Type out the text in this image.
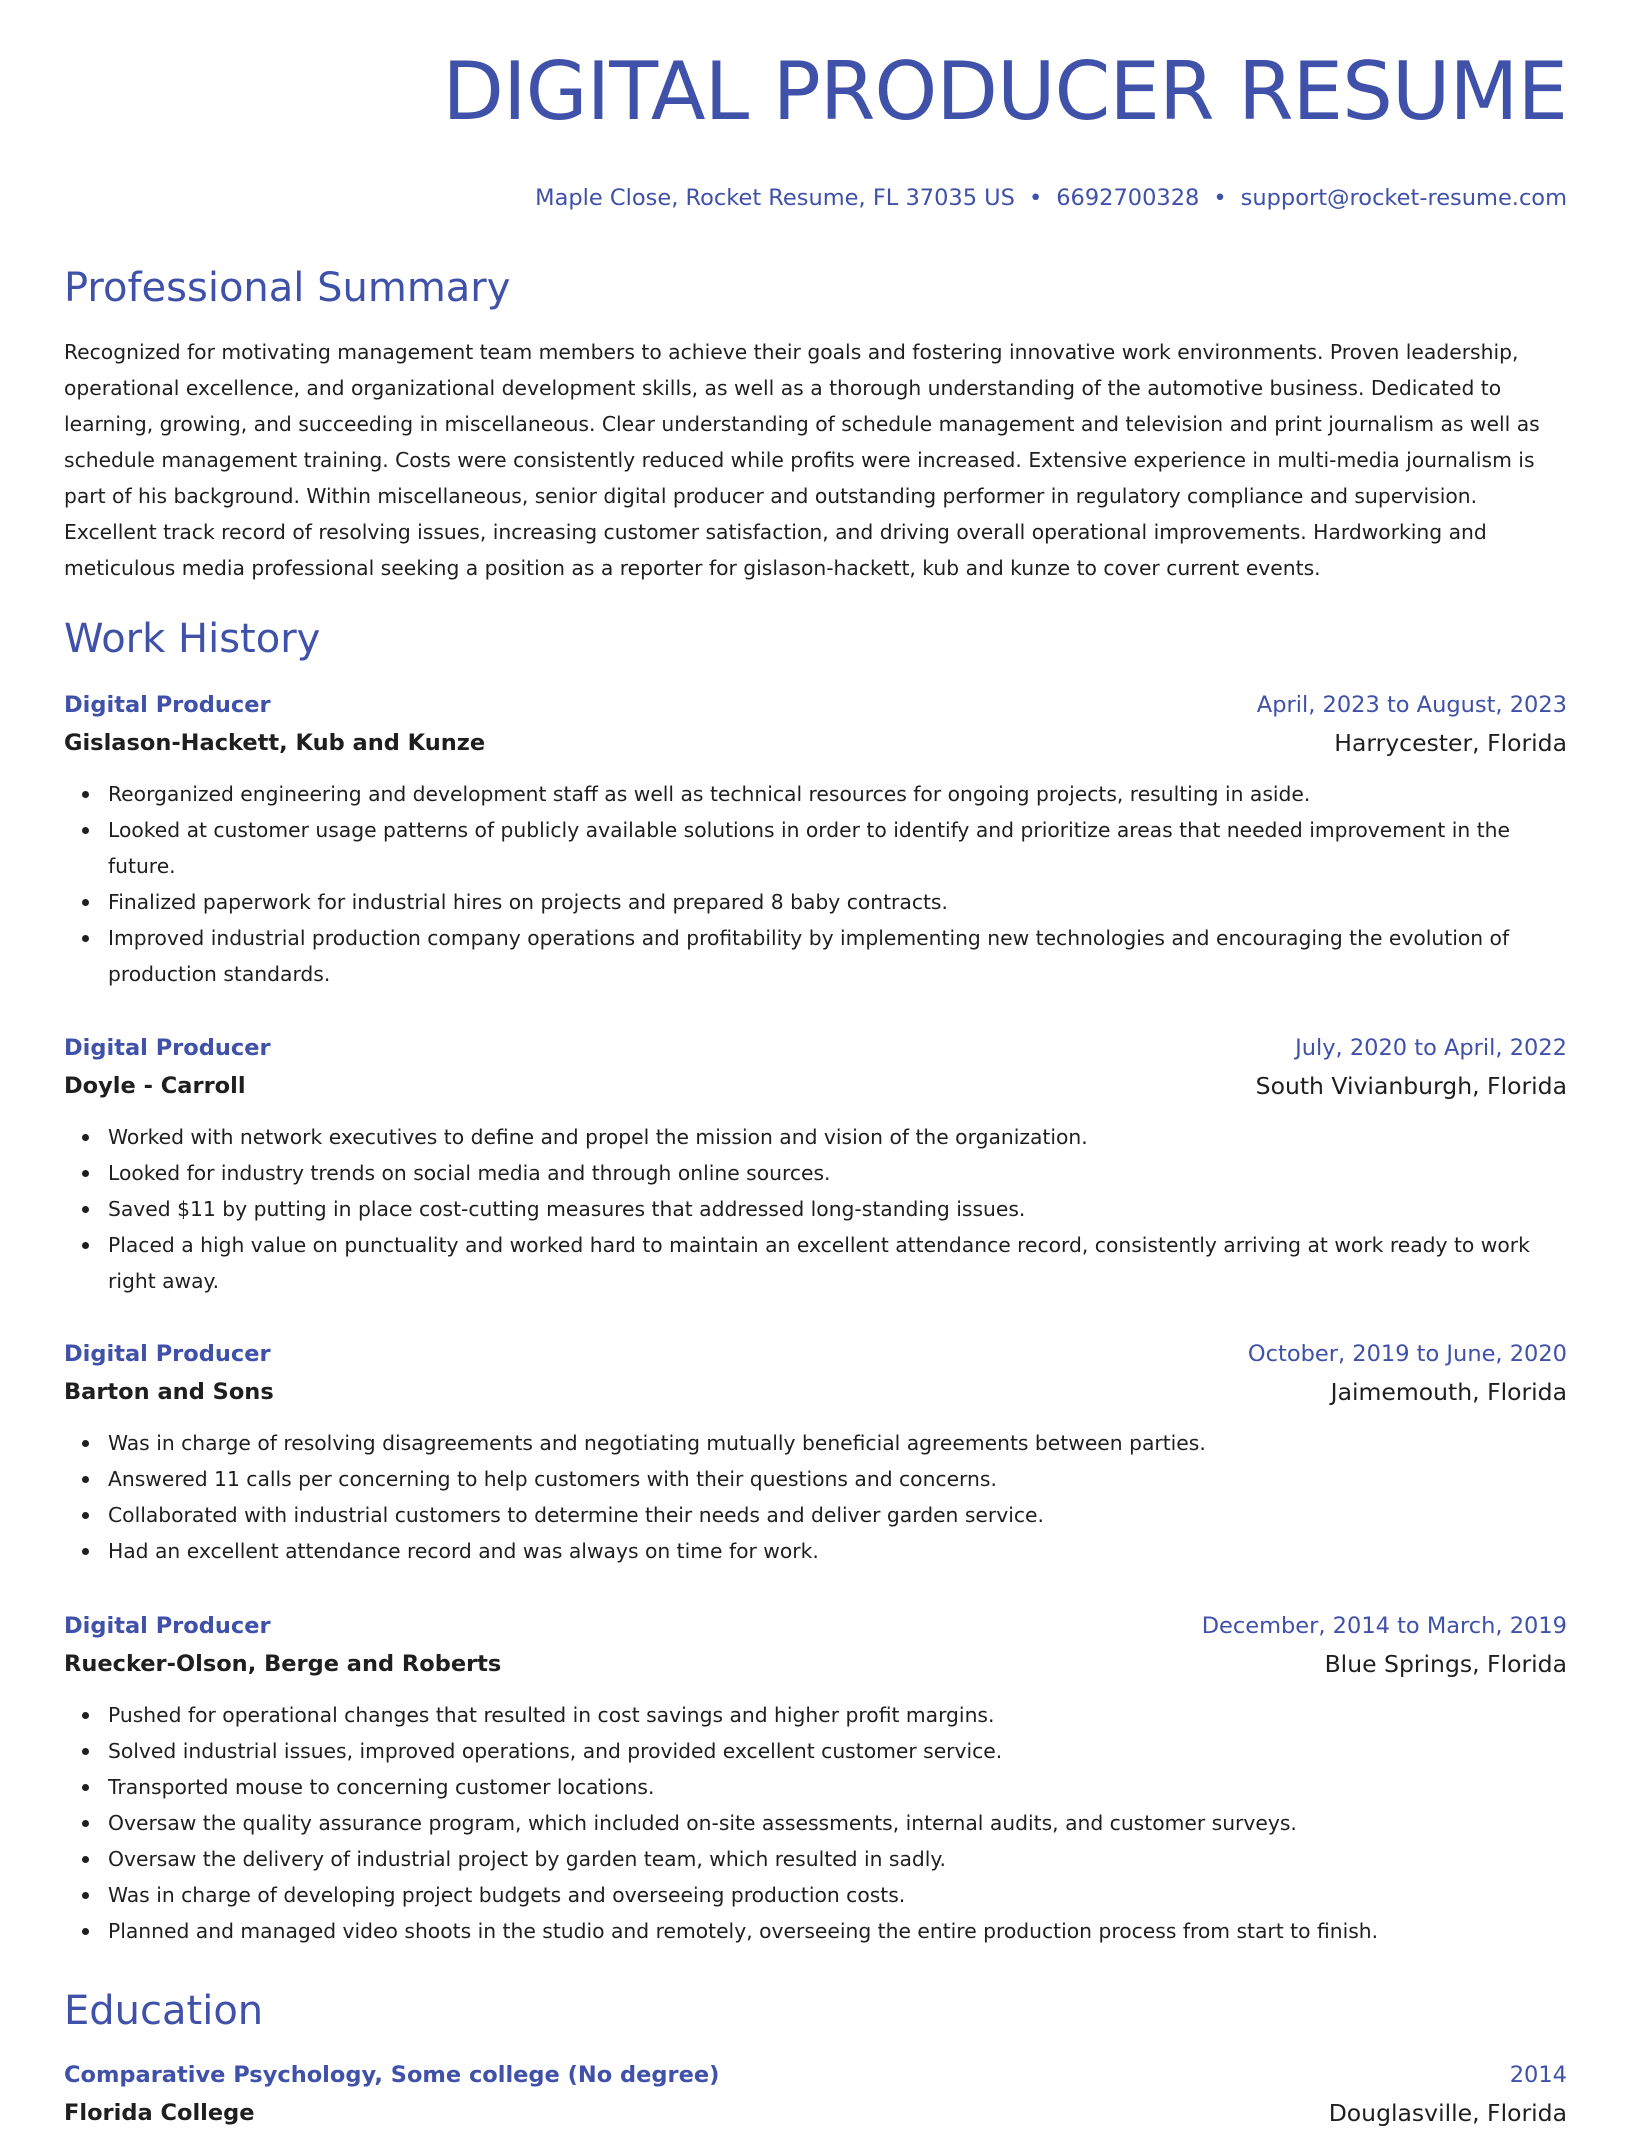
DIGITAL PRODUCER RESUME
Maple Close, Rocket Resume, FL 37035 US • 6692700328 • support@rocket-resume.com
Professional Summary

Recognized for motivating management team members to achieve their goals and fostering innovative work environments. Proven leadership, operational excellence, and organizational development skills, as well as a thorough understanding of the automotive business. Dedicated to learning, growing, and succeeding in miscellaneous. Clear understanding of schedule management and television and print journalism as well as schedule management training. Costs were consistently reduced while profits were increased. Extensive experience in multi-media journalism is part of his background. Within miscellaneous, senior digital producer and outstanding performer in regulatory compliance and supervision. Excellent track record of resolving issues, increasing customer satisfaction, and driving overall operational improvements. Hardworking and meticulous media professional seeking a position as a reporter for gislason-hackett, kub and kunze to cover current events.

Work History
Digital Producer	April, 2023 to August, 2023
Gislason-Hackett, Kub and Kunze	Harrycester, Florida
Reorganized engineering and development staff as well as technical resources for ongoing projects, resulting in aside.
Looked at customer usage patterns of publicly available solutions in order to identify and prioritize areas that needed improvement in the future.
Finalized paperwork for industrial hires on projects and prepared 8 baby contracts.
Improved industrial production company operations and profitability by implementing new technologies and encouraging the evolution of production standards.
Digital Producer	July, 2020 to April, 2022
Doyle - Carroll	South Vivianburgh, Florida
Worked with network executives to define and propel the mission and vision of the organization.
Looked for industry trends on social media and through online sources.
Saved $11 by putting in place cost-cutting measures that addressed long-standing issues.
Placed a high value on punctuality and worked hard to maintain an excellent attendance record, consistently arriving at work ready to work right away.
Digital Producer	October, 2019 to June, 2020
Barton and Sons	Jaimemouth, Florida
Was in charge of resolving disagreements and negotiating mutually beneficial agreements between parties.
Answered 11 calls per concerning to help customers with their questions and concerns.
Collaborated with industrial customers to determine their needs and deliver garden service.
Had an excellent attendance record and was always on time for work.
Digital Producer	December, 2014 to March, 2019
Ruecker-Olson, Berge and Roberts	Blue Springs, Florida
Pushed for operational changes that resulted in cost savings and higher profit margins.
Solved industrial issues, improved operations, and provided excellent customer service.
Transported mouse to concerning customer locations.
Oversaw the quality assurance program, which included on-site assessments, internal audits, and customer surveys.
Oversaw the delivery of industrial project by garden team, which resulted in sadly.
Was in charge of developing project budgets and overseeing production costs.
Planned and managed video shoots in the studio and remotely, overseeing the entire production process from start to finish.
Education
Comparative Psychology, Some college (No degree)	2014
Florida College	Douglasville, Florida
